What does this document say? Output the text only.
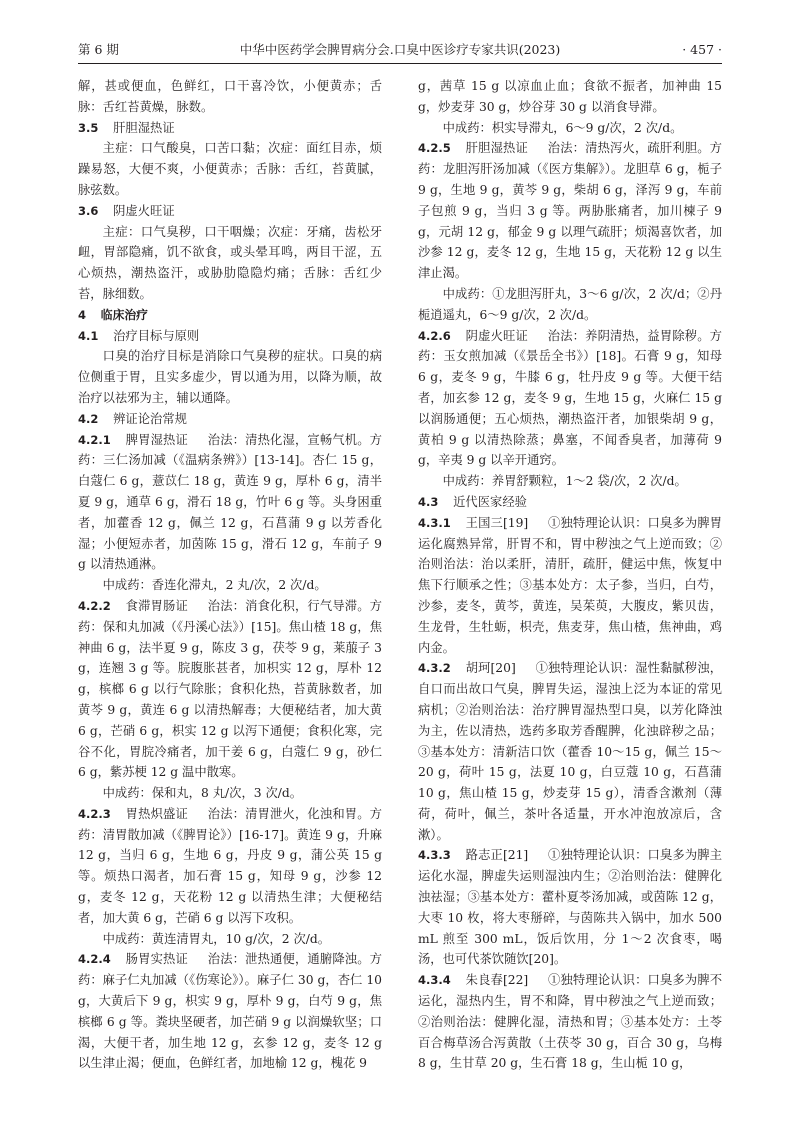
第 6 期	中华中医药学会脾胃病分会.口臭中医诊疗专家共识(2023)	· 457 ·

解，甚或便血，色鲜红，口干喜冷饮，小便黄赤；舌脉：舌红苔黄燥，脉数。

3.5 肝胆湿热证

主症：口气酸臭，口苦口黏；次症：面红目赤，烦躁易怒，大便不爽，小便黄赤；舌脉：舌红，苔黄腻，脉弦数。

3.6 阴虚火旺证

主症：口气臭秽，口干咽燥；次症：牙痛，齿松牙衄，胃部隐痛，饥不欲食，或头晕耳鸣，两目干涩，五心烦热，潮热盗汗，或胁肋隐隐灼痛；舌脉：舌红少苔，脉细数。

4 临床治疗
4.1 治疗目标与原则

口臭的治疗目标是消除口气臭秽的症状。口臭的病位侧重于胃，且实多虚少，胃以通为用，以降为顺，故治疗以祛邪为主，辅以通降。

4.2 辨证论治常规

4.2.1 脾胃湿热证 治法：清热化湿，宣畅气机。方药：三仁汤加减（《温病条辨》）[13-14]。杏仁 15 g，白蔻仁 6 g，薏苡仁 18 g，黄连 9 g，厚朴 6 g，清半夏 9 g，通草 6 g，滑石 18 g，竹叶 6 g 等。头身困重者，加藿香 12 g，佩兰 12 g，石菖蒲 9 g 以芳香化湿；小便短赤者，加茵陈 15 g，滑石 12 g，车前子 9 g 以清热通淋。

中成药：香连化滞丸，2 丸/次，2 次/d。

4.2.2 食滞胃肠证 治法：消食化积，行气导滞。方药：保和丸加减（《丹溪心法》）[15]。焦山楂 18 g，焦神曲 6 g，法半夏 9 g，陈皮 3 g，茯苓 9 g，莱菔子 3 g，连翘 3 g 等。脘腹胀甚者，加枳实 12 g，厚朴 12 g，槟榔 6 g 以行气除胀；食积化热，苔黄脉数者，加黄芩 9 g，黄连 6 g 以清热解毒；大便秘结者，加大黄 6 g，芒硝 6 g，枳实 12 g 以泻下通便；食积化寒，完谷不化，胃脘冷痛者，加干姜 6 g，白蔻仁 9 g，砂仁 6 g，紫苏梗 12 g 温中散寒。

中成药：保和丸，8 丸/次，3 次/d。

4.2.3 胃热炽盛证 治法：清胃泄火，化浊和胃。方药：清胃散加减（《脾胃论》）[16-17]。黄连 9 g，升麻 12 g，当归 6 g，生地 6 g，丹皮 9 g，蒲公英 15 g 等。烦热口渴者，加石膏 15 g，知母 9 g，沙参 12 g，麦冬 12 g，天花粉 12 g 以清热生津；大便秘结者，加大黄 6 g，芒硝 6 g 以泻下攻积。

中成药：黄连清胃丸，10 g/次，2 次/d。

4.2.4 肠胃实热证 治法：泄热通便，通腑降浊。方药：麻子仁丸加减（《伤寒论》）。麻子仁 30 g，杏仁 10 g，大黄后下 9 g，枳实 9 g，厚朴 9 g，白芍 9 g，焦槟榔 6 g 等。粪块坚硬者，加芒硝 9 g 以润燥软坚；口渴，大便干者，加生地 12 g，玄参 12 g，麦冬 12 g 以生津止渴；便血，色鲜红者，加地榆 12 g，槐花 9

g，茜草 15 g 以凉血止血；食欲不振者，加神曲 15 g，炒麦芽 30 g，炒谷芽 30 g 以消食导滞。

中成药：枳实导滞丸，6～9 g/次，2 次/d。

4.2.5 肝胆湿热证 治法：清热泻火，疏肝利胆。方药：龙胆泻肝汤加减（《医方集解》）。龙胆草 6 g，栀子 9 g，生地 9 g，黄芩 9 g，柴胡 6 g，泽泻 9 g，车前子包煎 9 g，当归 3 g 等。两胁胀痛者，加川楝子 9 g，元胡 12 g，郁金 9 g 以理气疏肝；烦渴喜饮者，加沙参 12 g，麦冬 12 g，生地 15 g，天花粉 12 g 以生津止渴。

中成药：①龙胆泻肝丸，3～6 g/次，2 次/d；②丹栀逍遥丸，6～9 g/次，2 次/d。

4.2.6 阴虚火旺证 治法：养阴清热，益胃除秽。方药：玉女煎加减（《景岳全书》）[18]。石膏 9 g，知母 6 g，麦冬 9 g，牛膝 6 g，牡丹皮 9 g 等。大便干结者，加玄参 12 g，麦冬 9 g，生地 15 g，火麻仁 15 g 以润肠通便；五心烦热，潮热盗汗者，加银柴胡 9 g，黄柏 9 g 以清热除蒸；鼻塞，不闻香臭者，加薄荷 9 g，辛夷 9 g 以辛开通窍。

中成药：养胃舒颗粒，1～2 袋/次，2 次/d。

4.3 近代医家经验

4.3.1 王国三[19] ①独特理论认识：口臭多为脾胃运化腐熟异常，肝胃不和，胃中秽浊之气上逆而致；②治则治法：治以柔肝，清肝，疏肝，健运中焦，恢复中焦下行顺承之性；③基本处方：太子参，当归，白芍，沙参，麦冬，黄芩，黄连，吴茱萸，大腹皮，紫贝齿，生龙骨，生牡蛎，枳壳，焦麦芽，焦山楂，焦神曲，鸡内金。

4.3.2 胡珂[20] ①独特理论认识：湿性黏腻秽浊，自口而出故口气臭，脾胃失运，湿浊上泛为本证的常见病机；②治则治法：治疗脾胃湿热型口臭，以芳化降浊为主，佐以清热，选药多取芳香醒脾，化浊辟秽之品；③基本处方：清新洁口饮（藿香 10～15 g，佩兰 15～20 g，荷叶 15 g，法夏 10 g，白豆蔻 10 g，石菖蒲 10 g，焦山楂 15 g，炒麦芽 15 g），清香含漱剂（薄荷，荷叶，佩兰，茶叶各适量，开水冲泡放凉后，含漱）。

4.3.3 路志正[21] ①独特理论认识：口臭多为脾主运化水湿，脾虚失运则湿浊内生；②治则治法：健脾化浊祛湿；③基本处方：藿朴夏苓汤加减，或茵陈 12 g，大枣 10 枚，将大枣掰碎，与茵陈共入锅中，加水 500 mL 煎至 300 mL，饭后饮用，分 1～2 次食枣，喝汤，也可代茶饮随饮[20]。

4.3.4 朱良春[22] ①独特理论认识：口臭多为脾不运化，湿热内生，胃不和降，胃中秽浊之气上逆而致；②治则治法：健脾化湿，清热和胃；③基本处方：土苓百合梅草汤合泻黄散（土茯苓 30 g，百合 30 g，乌梅 8 g，生甘草 20 g，生石膏 18 g，生山栀 10 g，
